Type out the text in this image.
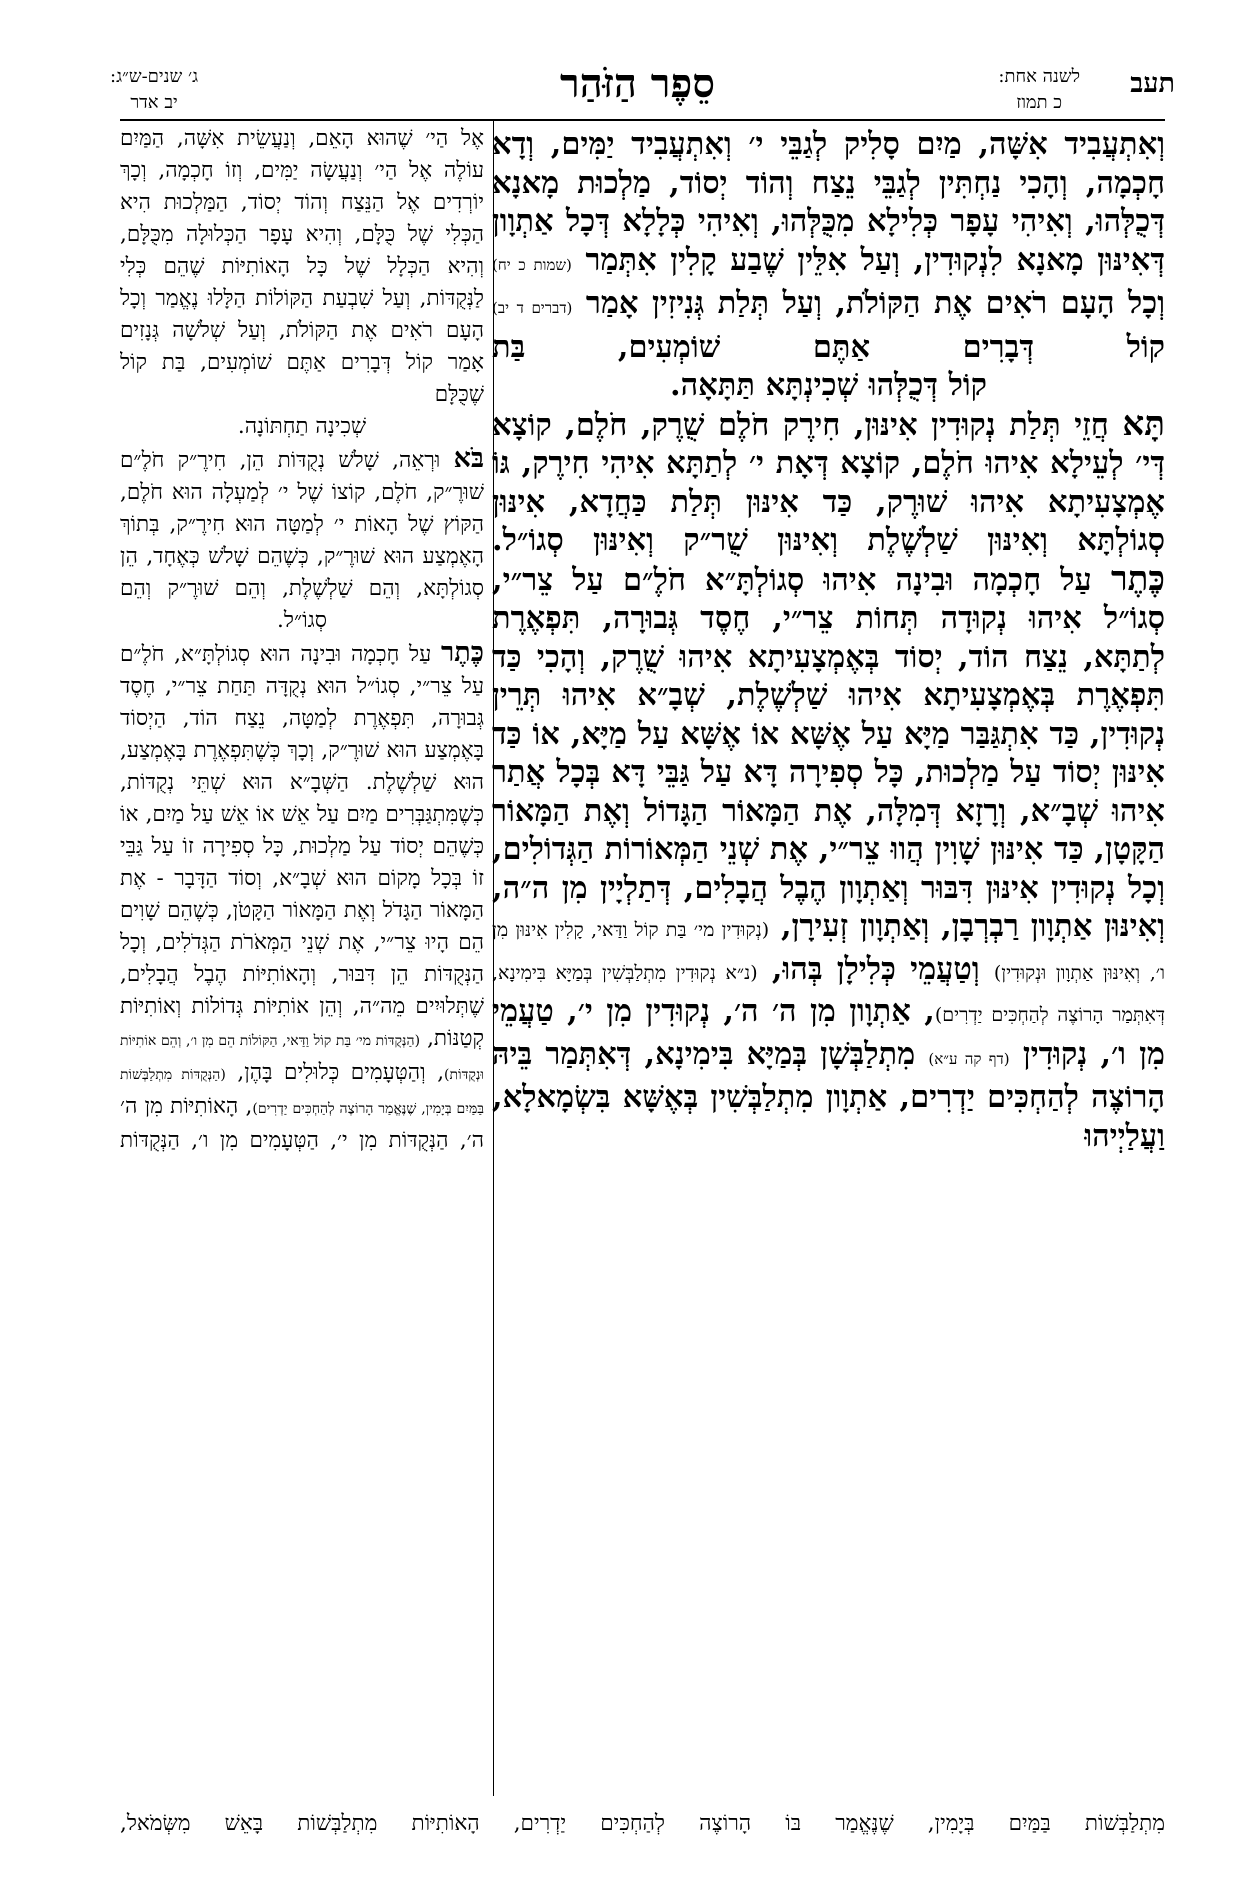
תעב
לשנה אחת:
כ תמוז
סֵפֶר הַזֹּהַר
ג׳ שנים-ש״ג:
יב אדר

וְאִתְעֲבִיד אִשָּׁה, מַיִם סָלִיק לְגַבֵּי י׳ וְאִתְעֲבִיד יַמִּים, וְדָא חָכְמָה, וְהָכִי נַחְתִּין לְגַבֵּי נֵצַח וְהוֹד יְסוֹד, מַלְכוּת מָאנָא דְּכֻלְּהוּ, וְאִיהִי עָפָר כְּלִילָא מִכֻּלְּהוּ, וְאִיהִי כְּלָלָא דְּכָל אַתְוָון דְּאִינּוּן מָאנָא לִנְקוּדִין, וְעַל אִלֵּין שֶׁבַע קָלִין אִתְּמַר (שמות כ יח) וְכָל הָעָם רֹאִים אֶת הַקּוֹלֹת, וְעַל תְּלַת גְּנִיזִין אָמַר (דברים ד יב) קוֹל דְּבָרִים אַתֶּם שׁוֹמְעִים, בַּת

קוֹל דְּכֻלְּהוּ שְׁכִינְתָּא תַּתָּאָה.

תָּא חֲזֵי תְּלַת נְקוּדִין אִינּוּן, חִירֶק חֹלֶם שֻׁרֶק, חֹלֶם, קוֹצָא דְּי׳ לְעֵילָא אִיהוּ חֹלֶם, קוֹצָא דְּאָת י׳ לְתַתָּא אִיהִי חִירֶק, גּוֹ אֶמְצָעִיתָא אִיהוּ שׁוּרֶק, כַּד אִינּוּן תְּלַת כַּחֲדָא, אִינּוּן סְגוֹלְתָּא וְאִינּוּן שַׁלְשֶׁלֶת וְאִינּוּן שֻׁר״ק וְאִינּוּן סְגוֹ״ל.

כֶּתֶר עַל חָכְמָה וּבִינָה אִיהוּ סְגוֹלְתָּ״א חֹלֶ״ם עַל צֵר״י, סְגוֹ״ל אִיהוּ נְקוּדָה תְּחוֹת צֵר״י, חֶסֶד גְּבוּרָה, תִּפְאֶרֶת לְתַתָּא, נֵצַח הוֹד, יְסוֹד בְּאֶמְצָעִיתָא אִיהוּ שֻׁרֶק, וְהָכִי כַּד תִּפְאֶרֶת בְּאֶמְצָעִיתָא אִיהוּ שַׁלְשֶׁלֶת, שְׁבָ״א אִיהוּ תְּרֵין נְקוּדִין, כַּד אִתְגַּבַּר מַיָּא עַל אֶשָּׁא אוֹ אֶשָּׁא עַל מַיָּא, אוֹ כַּד אִינּוּן יְסוֹד עַל מַלְכוּת, כָּל סְפִירָה דָּא עַל גַּבֵּי דָּא בְּכָל אֲתַר אִיהוּ שְׁבָ״א, וְרָזָא דְּמִלָּה, אֶת הַמָּאוֹר הַגָּדוֹל וְאֶת הַמָּאוֹר הַקָּטָן, כַּד אִינּוּן שָׁוִין הֲווּ צֵר״י, אֶת שְׁנֵי הַמְּאוֹרוֹת הַגְּדוֹלִים, וְכָל נְקוּדִין אִינּוּן דִּבּוּר וְאַתְוָון הֶבֶל הֲבָלִים, דְּתַלְיָין מִן ה״ה, וְאִינּוּן אַתְוָון רַבְרְבָן, וְאַתְוָון זְעִירָן, (נְקוּדִין מי׳ בַּת קוֹל וַדַּאי, קָלִין אִינּוּן מִן ו׳, וְאִינּוּן אַתְוָון וּנְקוּדִין) וְטַעֲמֵי כְּלִילָן בְּהוּ, (נ״א נְקוּדִין מִתְלַבְּשִׁין בְּמַיָּא בִּימִינָא, דְּאִתְּמַר הָרוֹצֶה לְהַחְכִּים יַדְרִים), אַתְוָון מִן ה׳ ה׳, נְקוּדִין מִן י׳, טַעֲמֵי מִן ו׳, נְקוּדִין (דף קה ע״א) מִתְלַבְּשָׁן בְּמַיָּא בִּימִינָא, דְּאִתְּמַר בֵּיהּ הָרוֹצֶה לְהַחְכִּים יַדְרִים, אַתְוָון מִתְלַבְּשִׁין בְּאֶשָּׁא בִּשְׂמָאלָא, וַעֲלַיְיהוּ

אֶל הַי׳ שֶׁהוּא הָאֵם, וְנַעֲשֵׂית אִשָּׁה, הַמַּיִם עוֹלֶה אֶל הַי׳ וְנַעֲשָׂה יַמִּים, וְזוֹ חָכְמָה, וְכָךְ יוֹרְדִים אֶל הַנֵּצַח וְהוֹד יְסוֹד, הַמַּלְכוּת הִיא הַכְּלִי שֶׁל כֻּלָּם, וְהִיא עָפָר הַכְּלוּלָה מִכֻּלָּם, וְהִיא הַכְּלָל שֶׁל כָּל הָאוֹתִיּוֹת שֶׁהֵם כְּלִי לַנְּקֻדּוֹת, וְעַל שִׁבְעַת הַקּוֹלוֹת הַלָּלוּ נֶאֱמַר וְכָל הָעָם רֹאִים אֶת הַקּוֹלֹת, וְעַל שְׁלֹשָׁה גְּנָזִים אָמַר קוֹל דְּבָרִים אַתֶּם שׁוֹמְעִים, בַּת קוֹל שֶׁכֻּלָּם

שְׁכִינָה תַחְתּוֹנָה.

בֹּא וּרְאֵה, שָׁלֹשׁ נְקֻדּוֹת הֵן, חִירֶ״ק חֹלֶ״ם שׁוּרֶ״ק, חֹלֶם, קוֹצוֹ שֶׁל י׳ לְמַעְלָה הוּא חֹלֶם, הַקּוֹץ שֶׁל הָאוֹת י׳ לְמַטָּה הוּא חִירֶ״ק, בְּתוֹךְ הָאֶמְצַע הוּא שׁוּרֶ״ק, כְּשֶׁהֵם שָׁלֹשׁ כְּאֶחָד, הֵן סְגוֹלְתָּא, וְהֵם שַׁלְשֶׁלֶת, וְהֵם שׁוּרֶ״ק וְהֵם

סְגוֹ״ל.

כֶּתֶר עַל חָכְמָה וּבִינָה הוּא סְגוֹלְתָּ״א, חֹלֶ״ם עַל צֵר״י, סְגוֹ״ל הוּא נְקֻדָּה תַּחַת צֵר״י, חֶסֶד גְּבוּרָה, תִּפְאֶרֶת לְמַטָּה, נֵצַח הוֹד, הַיְסוֹד בָּאֶמְצַע הוּא שׁוּרֶ״ק, וְכָךְ כְּשֶׁתִּפְאֶרֶת בָּאֶמְצַע, הוּא שַׁלְשֶׁלֶת. הַשְּׁבָ״א הוּא שְׁתֵּי נְקֻדּוֹת, כְּשֶׁמִּתְגַּבְּרִים מַיִם עַל אֵשׁ אוֹ אֵשׁ עַל מַיִם, אוֹ כְּשֶׁהֵם יְסוֹד עַל מַלְכוּת, כָּל סְפִירָה זוֹ עַל גַּבֵּי זוֹ בְּכָל מָקוֹם הוּא שְׁבָ״א, וְסוֹד הַדָּבָר - אֶת הַמָּאוֹר הַגָּדֹל וְאֶת הַמָּאוֹר הַקָּטֹן, כְּשֶׁהֵם שָׁוִים הֵם הָיוּ צֵר״י, אֶת שְׁנֵי הַמְּאֹרֹת הַגְּדֹלִים, וְכָל הַנְּקֻדּוֹת הֵן דִּבּוּר, וְהָאוֹתִיּוֹת הֶבֶל הֲבָלִים, שֶׁתְּלוּיִים מֵה״ה, וְהֵן אוֹתִיּוֹת גְּדוֹלוֹת וְאוֹתִיּוֹת קְטַנּוֹת, (הַנְּקֻדּוֹת מי׳ בַּת קוֹל וַדַּאי, הַקּוֹלוֹת הֵם מִן ו׳, וְהֵם אוֹתִיּוֹת וּנְקֻדּוֹת), וְהַטְּעָמִים כְּלוּלִים בָּהֶן, (הַנְּקֻדּוֹת מִתְלַבְּשׁוֹת בַּמַּיִם בְּיָמִין, שֶׁנֶּאֱמַר הָרוֹצֶה לְהַחְכִּים יַדְרִים), הָאוֹתִיּוֹת מִן ה׳ ה׳, הַנְּקֻדּוֹת מִן י׳, הַטְּעָמִים מִן ו׳, הַנְּקֻדּוֹת

מִתְלַבְּשׁוֹת בַּמַּיִם בְּיָמִין, שֶׁנֶּאֱמַר בּוֹ הָרוֹצֶה לְהַחְכִּים יַדְרִים, הָאוֹתִיּוֹת מִתְלַבְּשׁוֹת בָּאֵשׁ מִשְּׂמֹאל,
